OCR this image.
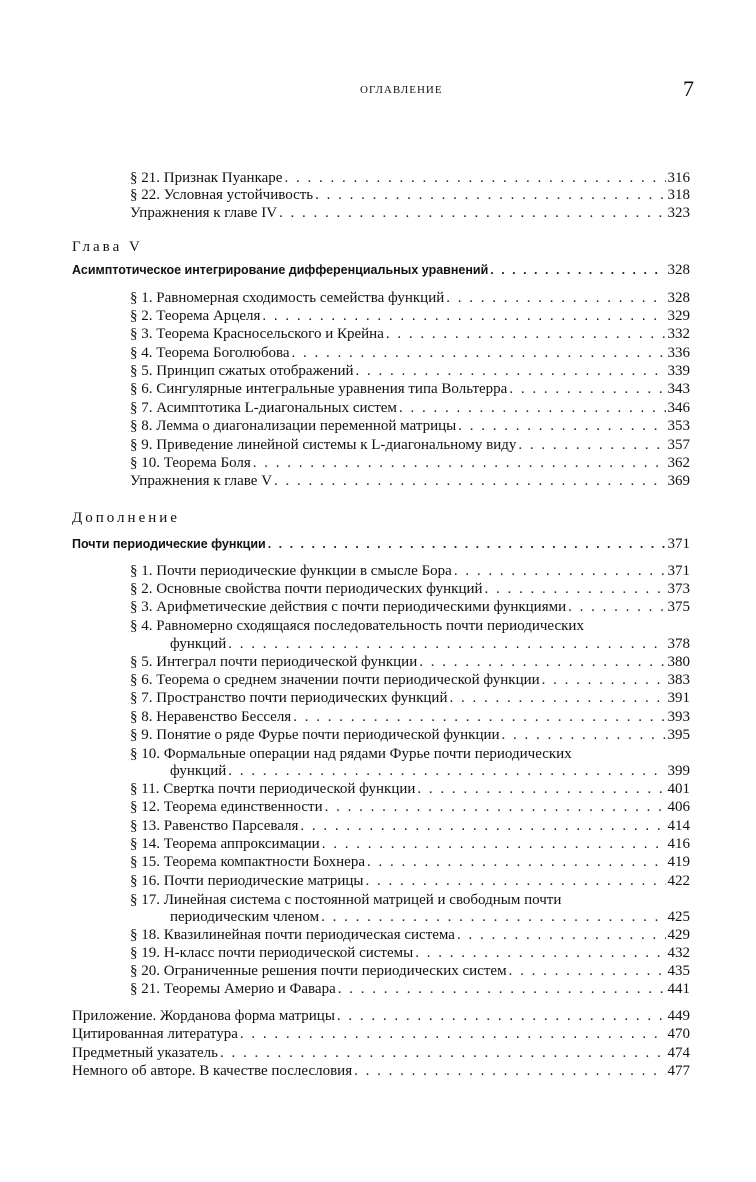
ОГЛАВЛЕНИЕ	7
§ 21. Признак Пуанкаре . . .	316
§ 22. Условная устойчивость . . .	318
Упражнения к главе IV . . .	323
Глава V
Асимптотическое интегрирование дифференциальных уравнений . . .	328
§ 1. Равномерная сходимость семейства функций . . .	328
§ 2. Теорема Арцеля . . .	329
§ 3. Теорема Красносельского и Крейна . . .	332
§ 4. Теорема Боголюбова . . .	336
§ 5. Принцип сжатых отображений . . .	339
§ 6. Сингулярные интегральные уравнения типа Вольтерра . . .	343
§ 7. Асимптотика L-диагональных систем . . .	346
§ 8. Лемма о диагонализации переменной матрицы . . .	353
§ 9. Приведение линейной системы к L-диагональному виду . . .	357
§ 10. Теорема Боля . . .	362
Упражнения к главе V . . .	369
Дополнение
Почти периодические функции . . .	371
§ 1. Почти периодические функции в смысле Бора . . .	371
§ 2. Основные свойства почти периодических функций . . .	373
§ 3. Арифметические действия с почти периодическими функциями . . .	375
§ 4. Равномерно сходящаяся последовательность почти периодических
функций . . .	378
§ 5. Интеграл почти периодической функции . . .	380
§ 6. Теорема о среднем значении почти периодической функции . . .	383
§ 7. Пространство почти периодических функций . . .	391
§ 8. Неравенство Бесселя . . .	393
§ 9. Понятие о ряде Фурье почти периодической функции . . .	395
§ 10. Формальные операции над рядами Фурье почти периодических
функций . . .	399
§ 11. Свертка почти периодической функции . . .	401
§ 12. Теорема единственности . . .	406
§ 13. Равенство Парсеваля . . .	414
§ 14. Теорема аппроксимации . . .	416
§ 15. Теорема компактности Бохнера . . .	419
§ 16. Почти периодические матрицы . . .	422
§ 17. Линейная система с постоянной матрицей и свободным почти
периодическим членом . . .	425
§ 18. Квазилинейная почти периодическая система . . .	429
§ 19. H-класс почти периодической системы . . .	432
§ 20. Ограниченные решения почти периодических систем . . .	435
§ 21. Теоремы Америо и Фавара . . .	441
Приложение. Жорданова форма матрицы . . .	449
Цитированная литература . . .	470
Предметный указатель . . .	474
Немного об авторе. В качестве послесловия . . .	477
